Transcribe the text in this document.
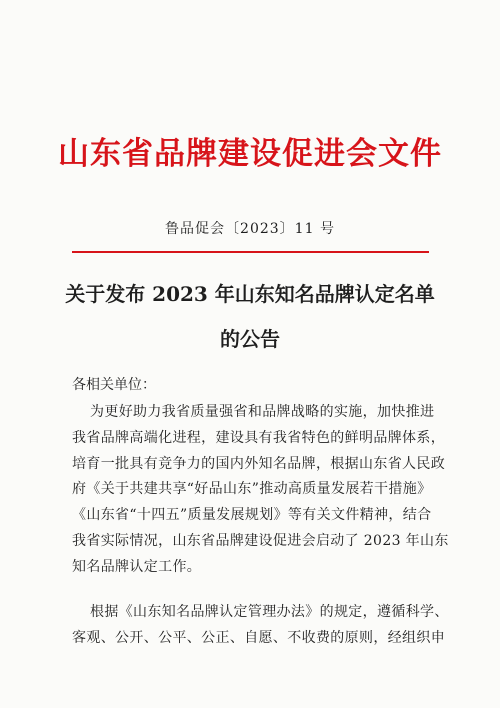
山东省品牌建设促进会文件
鲁品促会〔2023〕11 号
关于发布 2023 年山东知名品牌认定名单
的公告
各相关单位：
为更好助力我省质量强省和品牌战略的实施，加快推进
我省品牌高端化进程，建设具有我省特色的鲜明品牌体系，
培育一批具有竞争力的国内外知名品牌，根据山东省人民政
府《关于共建共享“好品山东”推动高质量发展若干措施》
《山东省“十四五”质量发展规划》等有关文件精神，结合
我省实际情况，山东省品牌建设促进会启动了 2023 年山东
知名品牌认定工作。
根据《山东知名品牌认定管理办法》的规定，遵循科学、
客观、公开、公平、公正、自愿、不收费的原则，经组织申
